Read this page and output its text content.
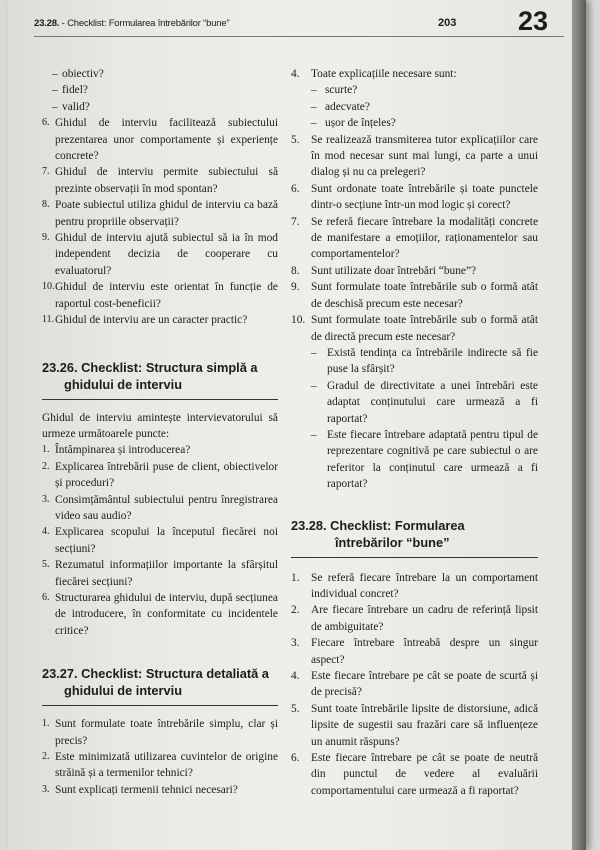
23.28. - Checklist: Formularea întrebărilor “bune”	203 23
– obiectiv?
– fidel?
– valid?
6. Ghidul de interviu facilitează subiectului prezentarea unor comportamente și experiențe concrete?
7. Ghidul de interviu permite subiectului să prezinte observații în mod spontan?
8. Poate subiectul utiliza ghidul de interviu ca bază pentru propriile observații?
9. Ghidul de interviu ajută subiectul să ia în mod independent decizia de cooperare cu evaluatorul?
10. Ghidul de interviu este orientat în funcție de raportul cost-beneficii?
11. Ghidul de interviu are un caracter practic?
23.26. Checklist: Structura simplă a
ghidului de interviu
Ghidul de interviu amintește intervievatorului să urmeze următoarele puncte:
1. Întâmpinarea și introducerea?
2. Explicarea întrebării puse de client, obiectivelor și proceduri?
3. Consimțământul subiectului pentru înregistrarea video sau audio?
4. Explicarea scopului la începutul fiecărei noi secțiuni?
5. Rezumatul informațiilor importante la sfârșitul fiecărei secțiuni?
6. Structurarea ghidului de interviu, după secțiunea de introducere, în conformitate cu incidentele critice?
23.27. Checklist: Structura detaliată a
ghidului de interviu
1. Sunt formulate toate întrebările simplu, clar și precis?
2. Este minimizată utilizarea cuvintelor de origine străină și a termenilor tehnici?
3. Sunt explicați termenii tehnici necesari?
4.	Toate explicațiile necesare sunt:
– scurte?
– adecvate?
– ușor de înțeles?
5.	Se realizează transmiterea tutor explicațiilor care în mod necesar sunt mai lungi, ca parte a unui dialog și nu ca prelegeri?
6.	Sunt ordonate toate întrebările și toate punctele dintr-o secțiune într-un mod logic și corect?
7.	Se referă fiecare întrebare la modalități concrete de manifestare a emoțiilor, raționamentelor sau comportamentelor?
8.	Sunt utilizate doar întrebări “bune”?
9.	Sunt formulate toate întrebările sub o formă atât de deschisă precum este necesar?
10. Sunt formulate toate întrebările sub o formă atât de directă precum este necesar?
– Există tendința ca întrebările indirecte să fie puse la sfârșit?
– Gradul de directivitate a unei întrebări este adaptat conținutului care urmează a fi raportat?
– Este fiecare întrebare adaptată pentru tipul de reprezentare cognitivă pe care subiectul o are referitor la conținutul care urmează a fi raportat?
23.28. Checklist: Formularea
întrebărilor “bune”
1.	Se referă fiecare întrebare la un comportament individual concret?
2.	Are fiecare întrebare un cadru de referință lipsit de ambiguitate?
3.	Fiecare întrebare întreabă despre un singur aspect?
4.	Este fiecare întrebare pe cât se poate de scurtă și de precisă?
5.	Sunt toate întrebările lipsite de distorsiune, adică lipsite de sugestii sau frazări care să influențeze un anumit răspuns?
6.	Este fiecare întrebare pe cât se poate de neutră din punctul de vedere al evaluării comportamentului care urmează a fi raportat?
